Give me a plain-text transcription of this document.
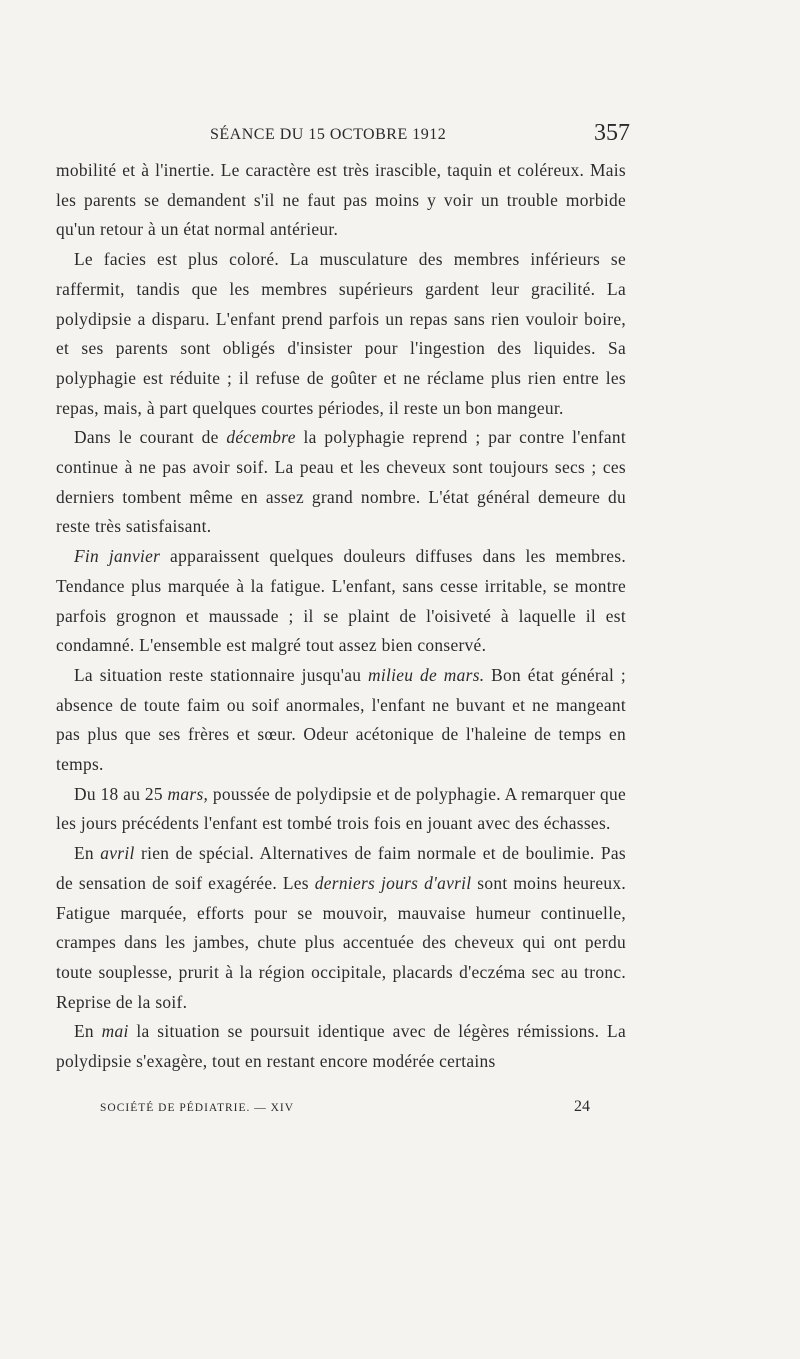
SÉANCE DU 15 OCTOBRE 1912	357

mobilité et à l'inertie. Le caractère est très irascible, taquin et coléreux. Mais les parents se demandent s'il ne faut pas moins y voir un trouble morbide qu'un retour à un état normal antérieur.

Le facies est plus coloré. La musculature des membres inférieurs se raffermit, tandis que les membres supérieurs gardent leur gracilité. La polydipsie a disparu. L'enfant prend parfois un repas sans rien vouloir boire, et ses parents sont obligés d'insister pour l'ingestion des liquides. Sa polyphagie est réduite ; il refuse de goûter et ne réclame plus rien entre les repas, mais, à part quelques courtes périodes, il reste un bon mangeur.

Dans le courant de décembre la polyphagie reprend ; par contre l'enfant continue à ne pas avoir soif. La peau et les cheveux sont toujours secs ; ces derniers tombent même en assez grand nombre. L'état général demeure du reste très satisfaisant.

Fin janvier apparaissent quelques douleurs diffuses dans les membres. Tendance plus marquée à la fatigue. L'enfant, sans cesse irritable, se montre parfois grognon et maussade ; il se plaint de l'oisiveté à laquelle il est condamné. L'ensemble est malgré tout assez bien conservé.

La situation reste stationnaire jusqu'au milieu de mars. Bon état général ; absence de toute faim ou soif anormales, l'enfant ne buvant et ne mangeant pas plus que ses frères et sœur. Odeur acétonique de l'haleine de temps en temps.

Du 18 au 25 mars, poussée de polydipsie et de polyphagie. A remarquer que les jours précédents l'enfant est tombé trois fois en jouant avec des échasses.

En avril rien de spécial. Alternatives de faim normale et de boulimie. Pas de sensation de soif exagérée. Les derniers jours d'avril sont moins heureux. Fatigue marquée, efforts pour se mouvoir, mauvaise humeur continuelle, crampes dans les jambes, chute plus accentuée des cheveux qui ont perdu toute souplesse, prurit à la région occipitale, placards d'eczéma sec au tronc. Reprise de la soif.

En mai la situation se poursuit identique avec de légères rémissions. La polydipsie s'exagère, tout en restant encore modérée certains

SOCIÉTÉ DE PÉDIATRIE. — XIV	24
